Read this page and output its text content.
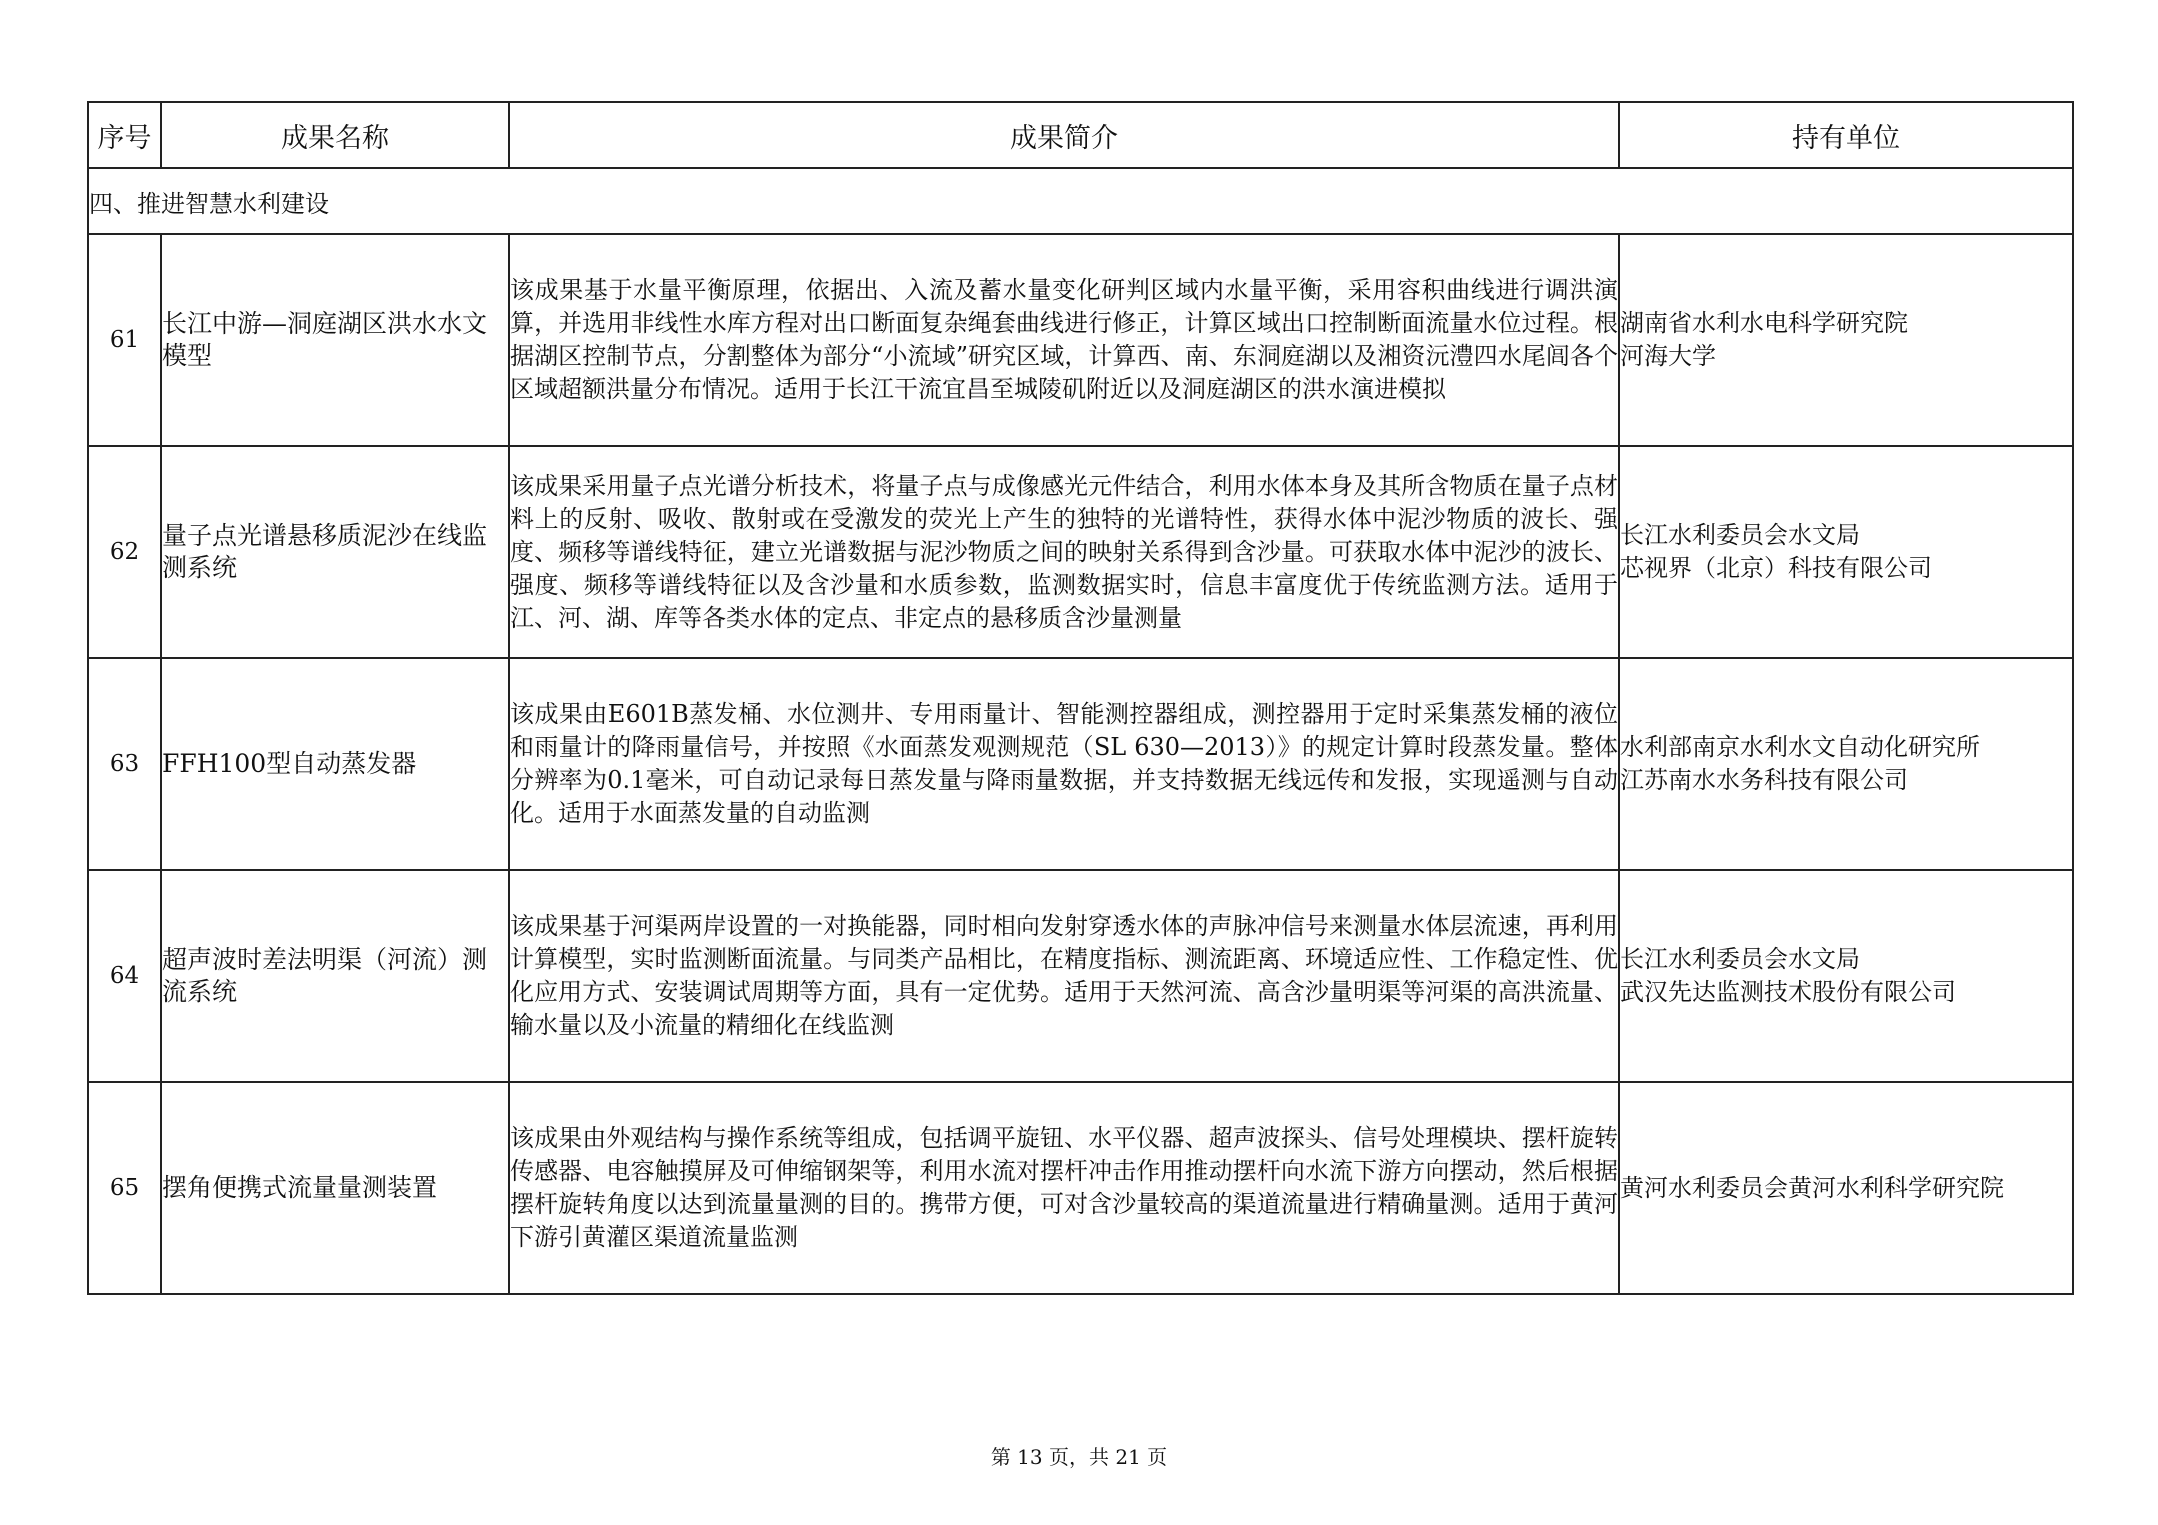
序号	成果名称	成果简介	持有单位
四、推进智慧水利建设			
61	长江中游—洞庭湖区洪水水文模型	该成果基于水量平衡原理，依据出、入流及蓄水量变化研判区域内水量平衡，采用容积曲线进行调洪演算，并选用非线性水库方程对出口断面复杂绳套曲线进行修正，计算区域出口控制断面流量水位过程。根据湖区控制节点，分割整体为部分“小流域”研究区域，计算西、南、东洞庭湖以及湘资沅澧四水尾闾各个区域超额洪量分布情况。适用于长江干流宜昌至城陵矶附近以及洞庭湖区的洪水演进模拟	湖南省水利水电科学研究院
河海大学

62	量子点光谱悬移质泥沙在线监测系统	该成果采用量子点光谱分析技术，将量子点与成像感光元件结合，利用水体本身及其所含物质在量子点材料上的反射、吸收、散射或在受激发的荧光上产生的独特的光谱特性，获得水体中泥沙物质的波长、强度、频移等谱线特征，建立光谱数据与泥沙物质之间的映射关系得到含沙量。可获取水体中泥沙的波长、强度、频移等谱线特征以及含沙量和水质参数，监测数据实时，信息丰富度优于传统监测方法。适用于江、河、湖、库等各类水体的定点、非定点的悬移质含沙量测量	长江水利委员会水文局
芯视界（北京）科技有限公司

63	FFH100型自动蒸发器	该成果由E601B蒸发桶、水位测井、专用雨量计、智能测控器组成，测控器用于定时采集蒸发桶的液位和雨量计的降雨量信号，并按照《水面蒸发观测规范（SL 630—2013）》的规定计算时段蒸发量。整体分辨率为0.1毫米，可自动记录每日蒸发量与降雨量数据，并支持数据无线远传和发报，实现遥测与自动化。适用于水面蒸发量的自动监测	水利部南京水利水文自动化研究所
江苏南水水务科技有限公司

64	超声波时差法明渠（河流）测流系统	该成果基于河渠两岸设置的一对换能器，同时相向发射穿透水体的声脉冲信号来测量水体层流速，再利用计算模型，实时监测断面流量。与同类产品相比，在精度指标、测流距离、环境适应性、工作稳定性、优化应用方式、安装调试周期等方面，具有一定优势。适用于天然河流、高含沙量明渠等河渠的高洪流量、输水量以及小流量的精细化在线监测	长江水利委员会水文局
武汉先达监测技术股份有限公司

65	摆角便携式流量量测装置	该成果由外观结构与操作系统等组成，包括调平旋钮、水平仪器、超声波探头、信号处理模块、摆杆旋转传感器、电容触摸屏及可伸缩钢架等，利用水流对摆杆冲击作用推动摆杆向水流下游方向摆动，然后根据摆杆旋转角度以达到流量量测的目的。携带方便，可对含沙量较高的渠道流量进行精确量测。适用于黄河下游引黄灌区渠道流量监测	黄河水利委员会黄河水利科学研究院
第 13 页，共 21 页
